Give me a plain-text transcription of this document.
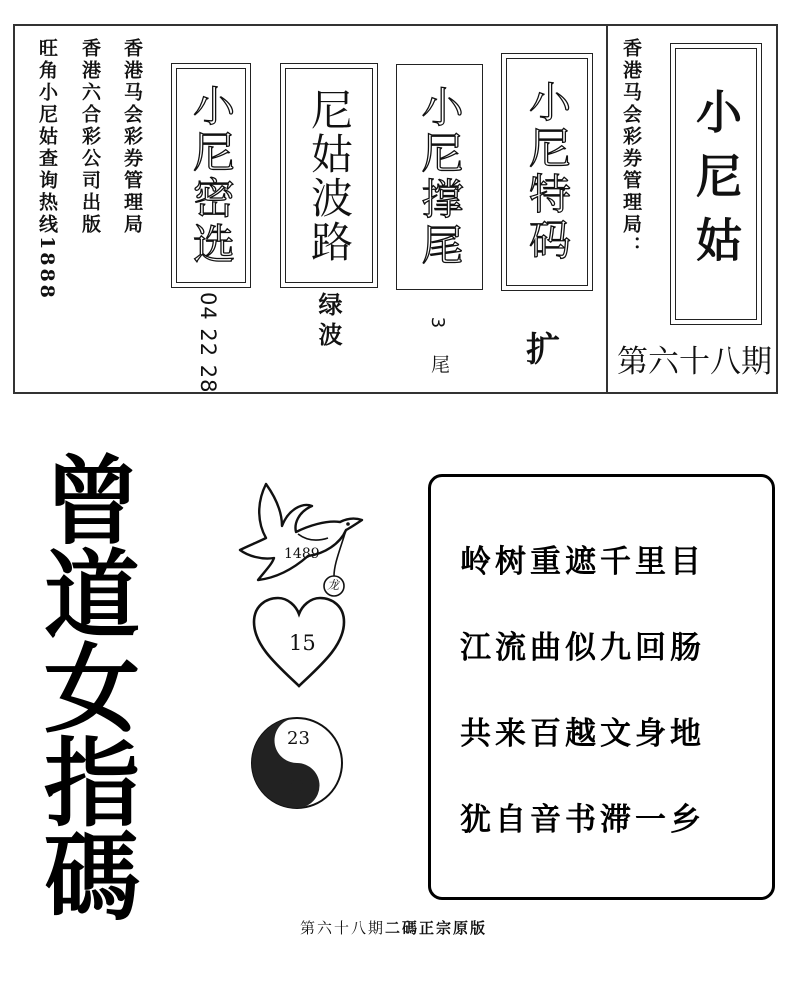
旺角小尼姑查询热线1888 香港六合彩公司出版 香港马会彩券管理局 小尼密选
04 22 28
尼姑波路
绿波
小尼撑尾
3
尾
小尼特码
扩
香港马会彩券管理局： 小尼姑
第六十八期
曾
道
女
指
碼
1489
龙
15
23
岭树重遮千里目
江流曲似九回肠
共来百越文身地
犹自音书滞一乡
第六十八期二碼正宗原版
